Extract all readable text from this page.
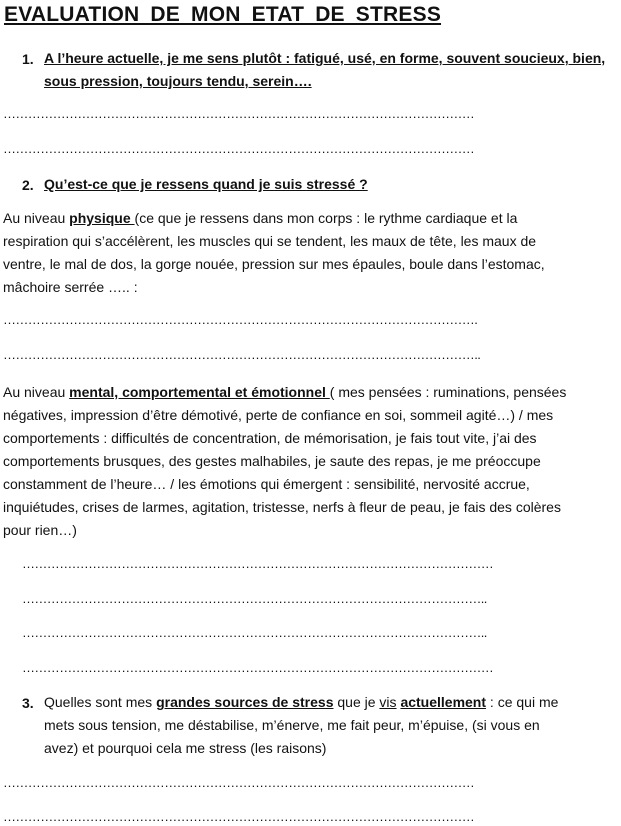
EVALUATION DE MON ETAT DE STRESS
1. A l’heure actuelle, je me sens plutôt : fatigué, usé, en forme, souvent soucieux, bien,
sous pression, toujours tendu, serein….
……………………………………………………………………………………………………
……………………………………………………………………………………………………
2. Qu’est-ce que je ressens quand je suis stressé ?
Au niveau physique (ce que je ressens dans mon corps : le rythme cardiaque et la
respiration qui s’accélèrent, les muscles qui se tendent, les maux de tête, les maux de
ventre, le mal de dos, la gorge nouée, pression sur mes épaules, boule dans l’estomac,
mâchoire serrée ….. :
…………………………………………………………………………………………………….
……………………………………………………………………………………………………..
Au niveau mental, comportemental et émotionnel ( mes pensées : ruminations, pensées
négatives, impression d’être démotivé, perte de confiance en soi, sommeil agité…) / mes
comportements : difficultés de concentration, de mémorisation, je fais tout vite, j’ai des
comportements brusques, des gestes malhabiles, je saute des repas, je me préoccupe
constamment de l’heure… / les émotions qui émergent : sensibilité, nervosité accrue,
inquiétudes, crises de larmes, agitation, tristesse, nerfs à fleur de peau, je fais des colères
pour rien…)
……………………………………………………………………………………………………
…………………………………………………………………………………………………..
…………………………………………………………………………………………………..
……………………………………………………………………………………………………
3. Quelles sont mes grandes sources de stress que je vis actuellement : ce qui me
mets sous tension, me déstabilise, m’énerve, me fait peur, m’épuise, (si vous en
avez) et pourquoi cela me stress (les raisons)
……………………………………………………………………………………………………
……………………………………………………………………………………………………
